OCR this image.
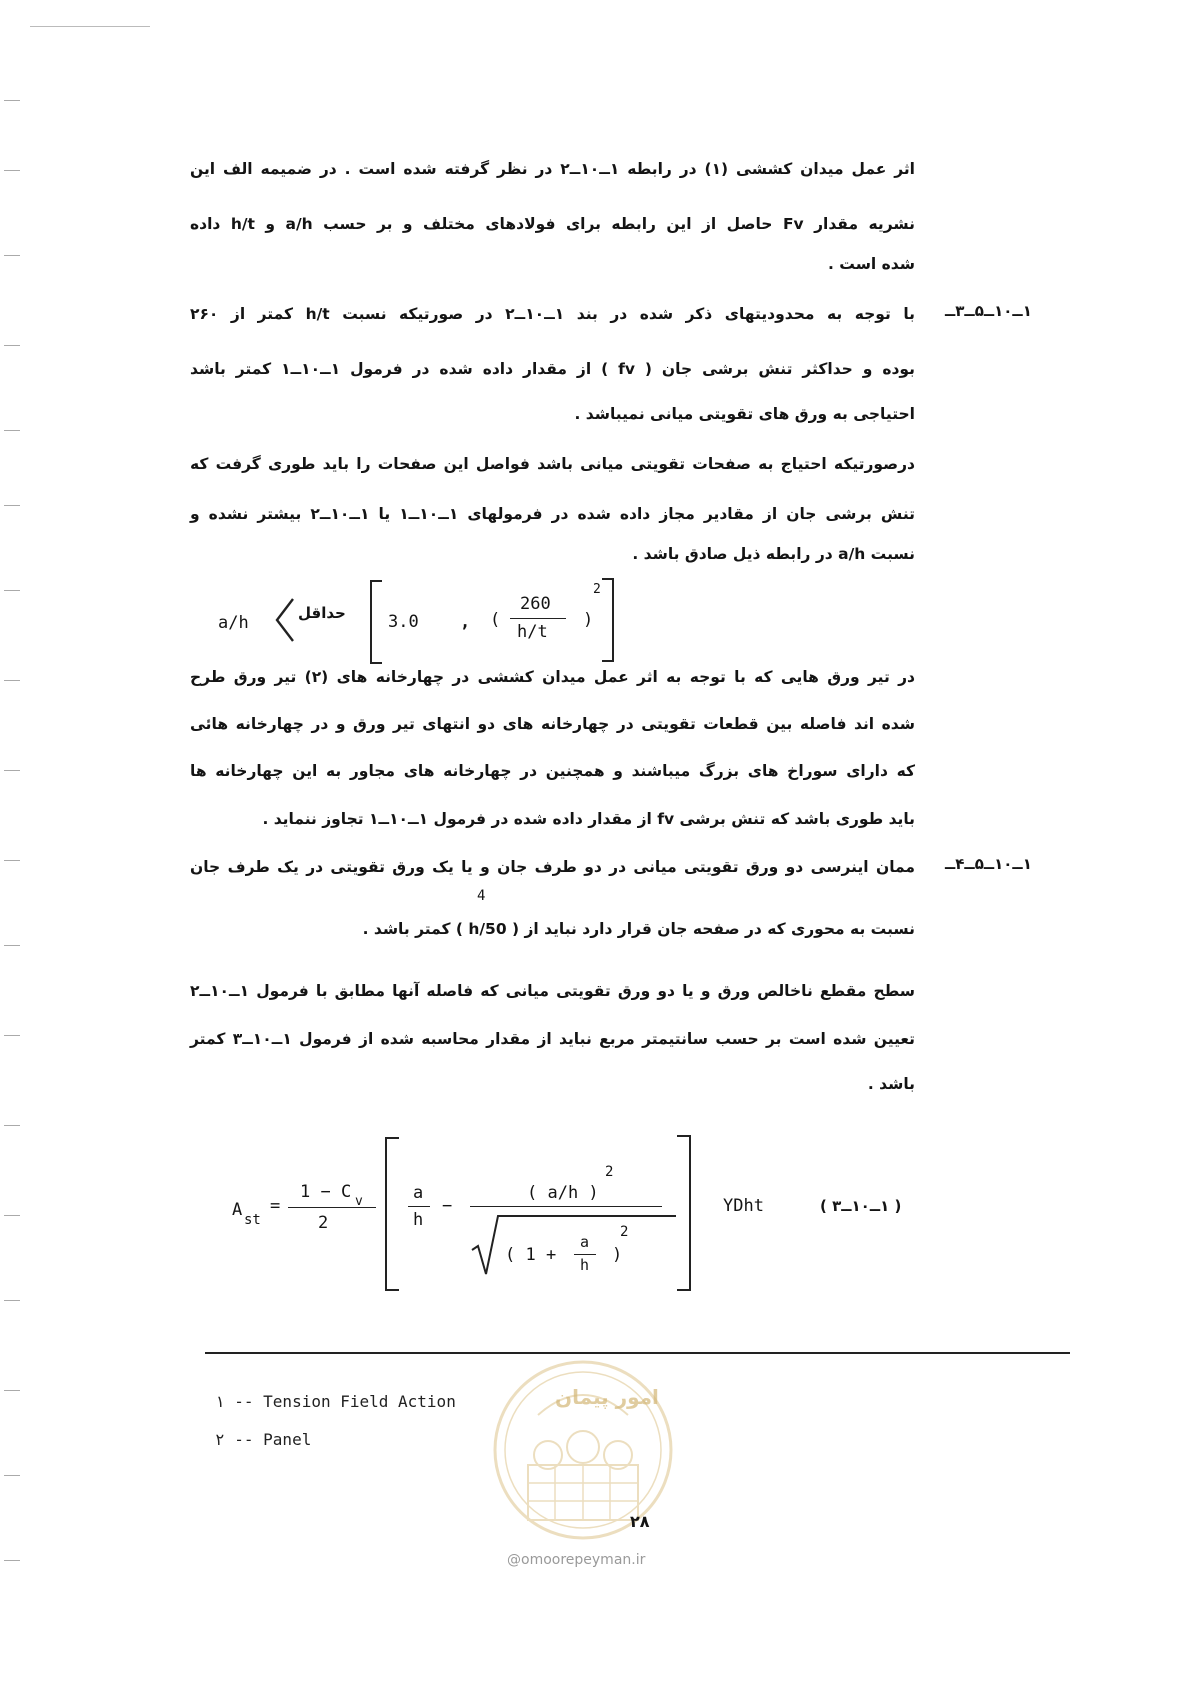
اثر عمل میدان کششی (۱) در رابطه ۱ــ۱۰ــ۲ در نظر گرفته شده است . در ضمیمه الف این
نشریه مقدار Fv حاصل از این رابطه برای فولادهای مختلف و بر حسب a/h و h/t داده
شده است .
۱ــ۱۰ــ۵ــ۳ــ
با توجه به محدودیتهای ذکر شده در بند ۱ــ۱۰ــ۲ در صورتیکه نسبت h/t کمتر از ۲۶۰
بوده و حداکثر تنش برشی جان ( fv ) از مقدار داده شده در فرمول ۱ــ۱۰ــ۱ کمتر باشد
احتیاجی به ورق های تقویتی میانی نمیباشد .
درصورتیکه احتیاج به صفحات تقویتی میانی باشد فواصل این صفحات را باید طوری گرفت که
تنش برشی جان از مقادیر مجاز داده شده در فرمولهای ۱ــ۱۰ــ۱ یا ۱ــ۱۰ــ۲ بیشتر نشده و
نسبت a/h در رابطه ذیل صادق باشد .
a/h	حداقل 3.0 , (
260
h/t
)
2
در تیر ورق هایی که با توجه به اثر عمل میدان کششی در چهارخانه های (۲) تیر ورق طرح
شده اند فاصله بین قطعات تقویتی در چهارخانه های دو انتهای تیر ورق و در چهارخانه هائی
که دارای سوراخ های بزرگ میباشند و همچنین در چهارخانه های مجاور به این چهارخانه ها
باید طوری باشد که تنش برشی fv از مقدار داده شده در فرمول ۱ــ۱۰ــ۱ تجاوز ننماید .
۱ــ۱۰ــ۵ــ۴ــ
ممان اینرسی دو ورق تقویتی میانی در دو طرف جان و یا یک ورق تقویتی در یک طرف جان
نسبت به محوری که در صفحه جان قرار دارد نباید از ( h/50 ) کمتر باشد .
4
سطح مقطع ناخالص ورق و یا دو ورق تقویتی میانی که فاصله آنها مطابق با فرمول ۱ــ۱۰ــ۲
تعیین شده است بر حسب سانتیمتر مربع نباید از مقدار محاسبه شده از فرمول ۱ــ۱۰ــ۳ کمتر
باشد .
A st
=
1 − C v
2
a
h
−
( a/h )
2
( 1 +
a
h )
2
YDht	( ۱ــ۱۰ــ۳ )
۱ -- Tension Field Action
۲ -- Panel
امور پیمان
۲۸
@omoorepeyman.ir
